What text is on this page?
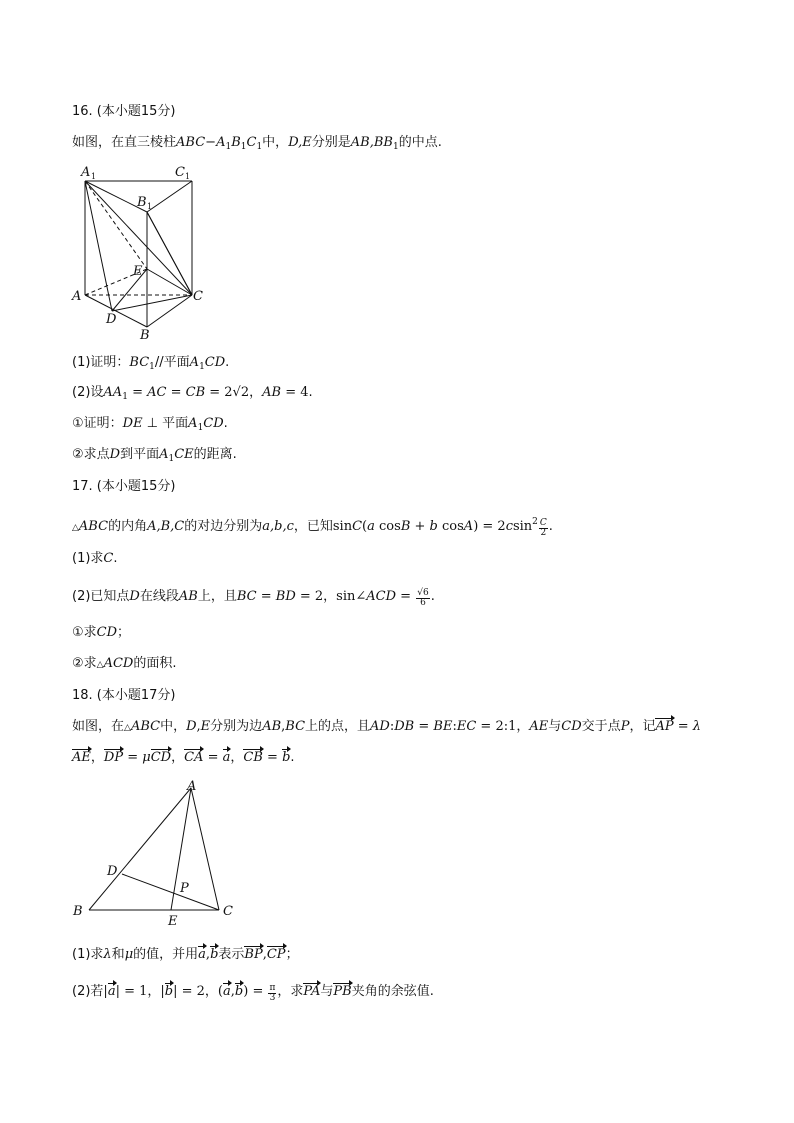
16. (本小题15分)
如图，在直三棱柱$ABC-A_1B_1C_1$中，D,E分别是$AB,BB_1$的中点.
A 1	C 1
B 1
E
A	C
D
B
(1)证明：$BC_1//$平面$A_1CD$.
(2)设$AA_1$ = AC = CB = 2√2，AB = 4.
①证明：DE ⊥ 平面$A_1CD$.
②求点D到平面$A_1CE$的距离.
17. (本小题15分)
△ABC的内角A,B,C的对边分别为a,b,c，已知sinC(a cosB + b $\cos A) = 2csin^2 \frac{C}{2}$ .
(1)求C.
(2)已知点D在线段AB上，且BC = BD = 2，sin∠ACD = $\frac{√6}{6}$ .
①求CD；
②求△ACD的面积.
18. (本小题17分)
如图，在△ABC中，D,E分别为边AB,BC上的点，且AD:DB = BE:EC = 2:1，AE与CD交于点P，记AP = λ
AE，DP = μCD，CA = a，CB = b.
A
D
P
B
E
C
(1)求λ和μ的值，并用a,b表示BP,CP；
(2)若|a| = 1，|b| = 2，$(a,b) = \frac{\pi}{3}$ ，求PA与PB夹角的余弦值.
